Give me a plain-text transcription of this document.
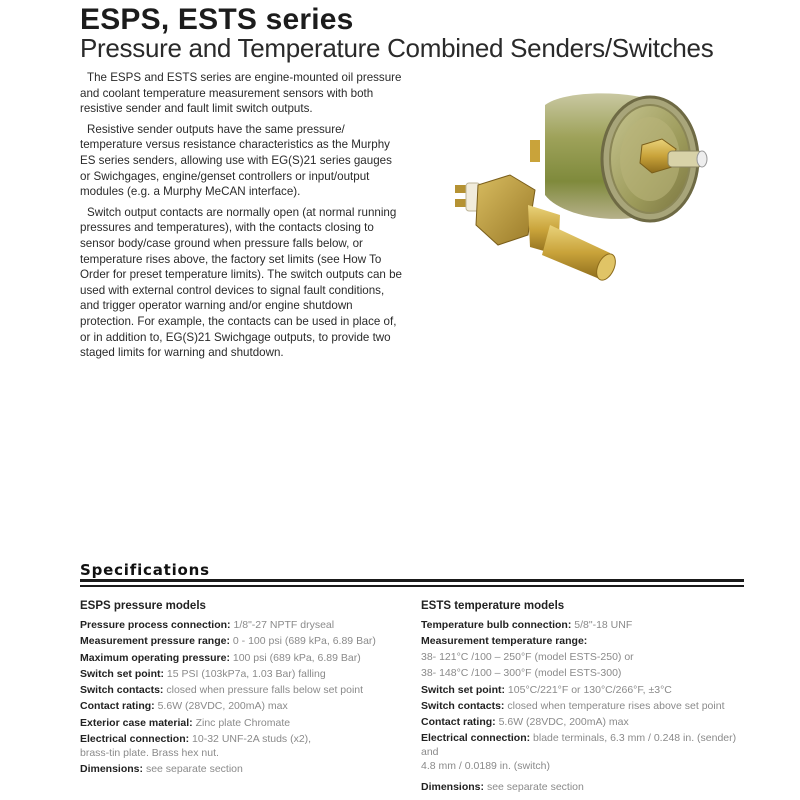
ESPS, ESTS series
Pressure and Temperature Combined Senders/Switches

The ESPS and ESTS series are engine-mounted oil pressure and coolant temperature measurement sensors with both resistive sender and fault limit switch outputs.

Resistive sender outputs have the same pressure/ temperature versus resistance characteristics as the Murphy ES series senders, allowing use with EG(S)21 series gauges or Swichgages, engine/genset controllers or input/output modules (e.g. a Murphy MeCAN interface).

Switch output contacts are normally open (at normal running pressures and temperatures), with the contacts closing to sensor body/case ground when pressure falls below, or temperature rises above, the factory set limits (see How To Order for preset temperature limits). The switch outputs can be used with external control devices to signal fault conditions, and trigger operator warning and/or engine shutdown protection. For example, the contacts can be used in place of, or in addition to, EG(S)21 Swichgage outputs, to provide two staged limits for warning and shutdown.

Specifications
ESPS pressure models
Pressure process connection: 1/8"-27 NPTF dryseal
Measurement pressure range: 0 - 100 psi (689 kPa, 6.89 Bar)
Maximum operating pressure: 100 psi (689 kPa, 6.89 Bar)
Switch set point: 15 PSI (103kP7a, 1.03 Bar) falling
Switch contacts: closed when pressure falls below set point
Contact rating: 5.6W (28VDC, 200mA) max
Exterior case material: Zinc plate Chromate
Electrical connection: 10-32 UNF-2A studs (x2),
brass-tin plate. Brass hex nut.
Dimensions: see separate section
ESTS temperature models
Temperature bulb connection: 5/8"-18 UNF
Measurement temperature range:
38- 121°C /100 – 250°F (model ESTS-250) or
38- 148°C /100 – 300°F (model ESTS-300)
Switch set point: 105°C/221°F or 130°C/266°F, ±3°C
Switch contacts: closed when temperature rises above set point
Contact rating: 5.6W (28VDC, 200mA) max
Electrical connection: blade terminals, 6.3 mm / 0.248 in. (sender) and
4.8 mm / 0.0189 in. (switch)
Dimensions: see separate section
